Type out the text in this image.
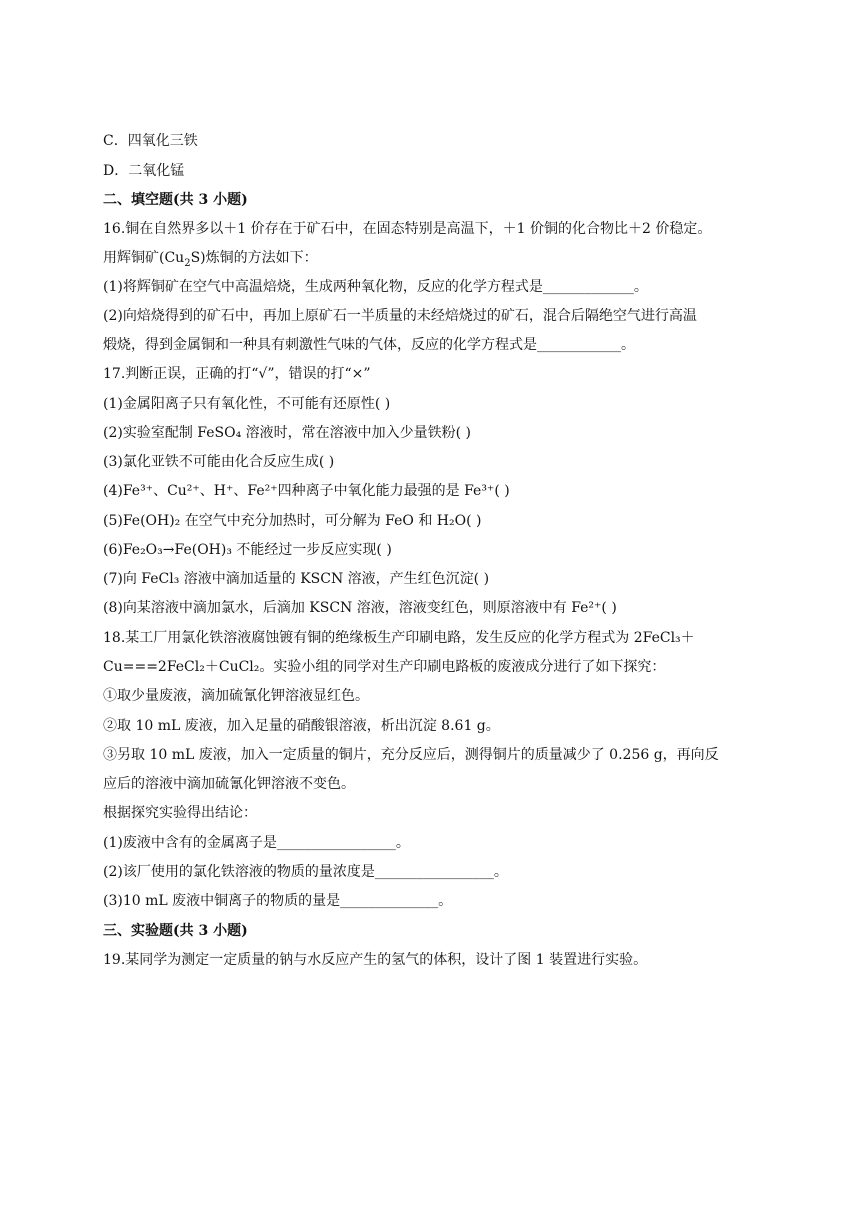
C．四氧化三铁
D．二氧化锰
二、填空题(共 3 小题)
16.铜在自然界多以＋1 价存在于矿石中，在固态特别是高温下，＋1 价铜的化合物比＋2 价稳定。
用辉铜矿$(Cu_2S)$炼铜的方法如下：
(1)将辉铜矿在空气中高温焙烧，生成两种氧化物，反应的化学方程式是_____________。
(2)向焙烧得到的矿石中，再加上原矿石一半质量的未经焙烧过的矿石，混合后隔绝空气进行高温
煅烧，得到金属铜和一种具有刺激性气味的气体，反应的化学方程式是____________。
17.判断正误，正确的打“√”，错误的打“×”
(1)金属阳离子只有氧化性，不可能有还原性( )
(2)实验室配制 FeSO₄ 溶液时，常在溶液中加入少量铁粉( )
(3)氯化亚铁不可能由化合反应生成( )
(4)Fe³⁺、Cu²⁺、H⁺、Fe²⁺四种离子中氧化能力最强的是 Fe³⁺( )
(5)Fe(OH)₂ 在空气中充分加热时，可分解为 FeO 和 H₂O( )
(6)Fe₂O₃→Fe(OH)₃ 不能经过一步反应实现( )
(7)向 FeCl₃ 溶液中滴加适量的 KSCN 溶液，产生红色沉淀( )
(8)向某溶液中滴加氯水，后滴加 KSCN 溶液，溶液变红色，则原溶液中有 Fe²⁺( )
18.某工厂用氯化铁溶液腐蚀镀有铜的绝缘板生产印刷电路，发生反应的化学方程式为 2FeCl₃＋
Cu===2FeCl₂＋CuCl₂。实验小组的同学对生产印刷电路板的废液成分进行了如下探究：
①取少量废液，滴加硫氰化钾溶液显红色。
②取 10 mL 废液，加入足量的硝酸银溶液，析出沉淀 8.61 g。
③另取 10 mL 废液，加入一定质量的铜片，充分反应后，测得铜片的质量减少了 0.256 g，再向反
应后的溶液中滴加硫氰化钾溶液不变色。
根据探究实验得出结论：
(1)废液中含有的金属离子是_________________。
(2)该厂使用的氯化铁溶液的物质的量浓度是_________________。
(3)10 mL 废液中铜离子的物质的量是______________。
三、实验题(共 3 小题)
19.某同学为测定一定质量的钠与水反应产生的氢气的体积，设计了图 1 装置进行实验。
